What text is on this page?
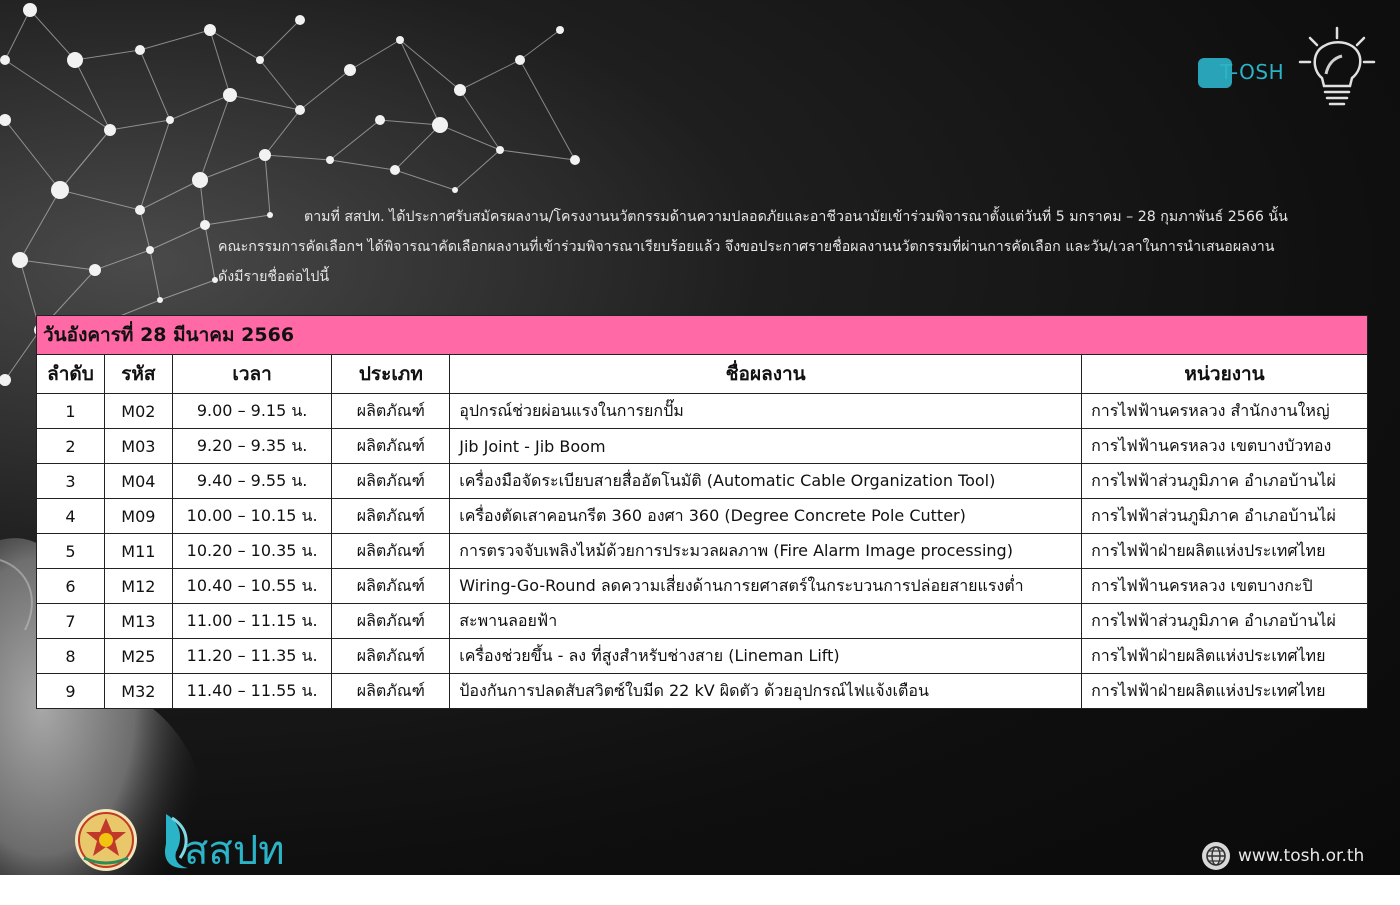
T-OSH
ตามที่ สสปท. ได้ประกาศรับสมัครผลงาน/โครงงานนวัตกรรมด้านความปลอดภัยและอาชีวอนามัยเข้าร่วมพิจารณาตั้งแต่วันที่ 5 มกราคม – 28 กุมภาพันธ์ 2566 นั้น
คณะกรรมการคัดเลือกฯ ได้พิจารณาคัดเลือกผลงานที่เข้าร่วมพิจารณาเรียบร้อยแล้ว จึงขอประกาศรายชื่อผลงานนวัตกรรมที่ผ่านการคัดเลือก และวัน/เวลาในการนำเสนอผลงาน
ดังมีรายชื่อต่อไปนี้
วันอังคารที่ 28 มีนาคม 2566					
ลำดับ	รหัส	เวลา	ประเภท	ชื่อผลงาน	หน่วยงาน
1	M02	9.00 – 9.15 น.	ผลิตภัณฑ์	อุปกรณ์ช่วยผ่อนแรงในการยกปั๊ม	การไฟฟ้านครหลวง สำนักงานใหญ่
2	M03	9.20 – 9.35 น.	ผลิตภัณฑ์	Jib Joint - Jib Boom	การไฟฟ้านครหลวง เขตบางบัวทอง
3	M04	9.40 – 9.55 น.	ผลิตภัณฑ์	เครื่องมือจัดระเบียบสายสื่ออัตโนมัติ (Automatic Cable Organization Tool)	การไฟฟ้าส่วนภูมิภาค อำเภอบ้านไผ่
4	M09	10.00 – 10.15 น.	ผลิตภัณฑ์	เครื่องตัดเสาคอนกรีต 360 องศา 360 (Degree Concrete Pole Cutter)	การไฟฟ้าส่วนภูมิภาค อำเภอบ้านไผ่
5	M11	10.20 – 10.35 น.	ผลิตภัณฑ์	การตรวจจับเพลิงไหม้ด้วยการประมวลผลภาพ (Fire Alarm Image processing)	การไฟฟ้าฝ่ายผลิตแห่งประเทศไทย
6	M12	10.40 – 10.55 น.	ผลิตภัณฑ์	Wiring-Go-Round ลดความเสี่ยงด้านการยศาสตร์ในกระบวนการปล่อยสายแรงต่ำ	การไฟฟ้านครหลวง เขตบางกะปิ
7	M13	11.00 – 11.15 น.	ผลิตภัณฑ์	สะพานลอยฟ้า	การไฟฟ้าส่วนภูมิภาค อำเภอบ้านไผ่
8	M25	11.20 – 11.35 น.	ผลิตภัณฑ์	เครื่องช่วยขึ้น - ลง ที่สูงสำหรับช่างสาย (Lineman Lift)	การไฟฟ้าฝ่ายผลิตแห่งประเทศไทย
9	M32	11.40 – 11.55 น.	ผลิตภัณฑ์	ป้องกันการปลดสับสวิตซ์ใบมีด 22 kV ผิดตัว ด้วยอุปกรณ์ไฟแจ้งเตือน	การไฟฟ้าฝ่ายผลิตแห่งประเทศไทย
สสปท	www.tosh.or.th
